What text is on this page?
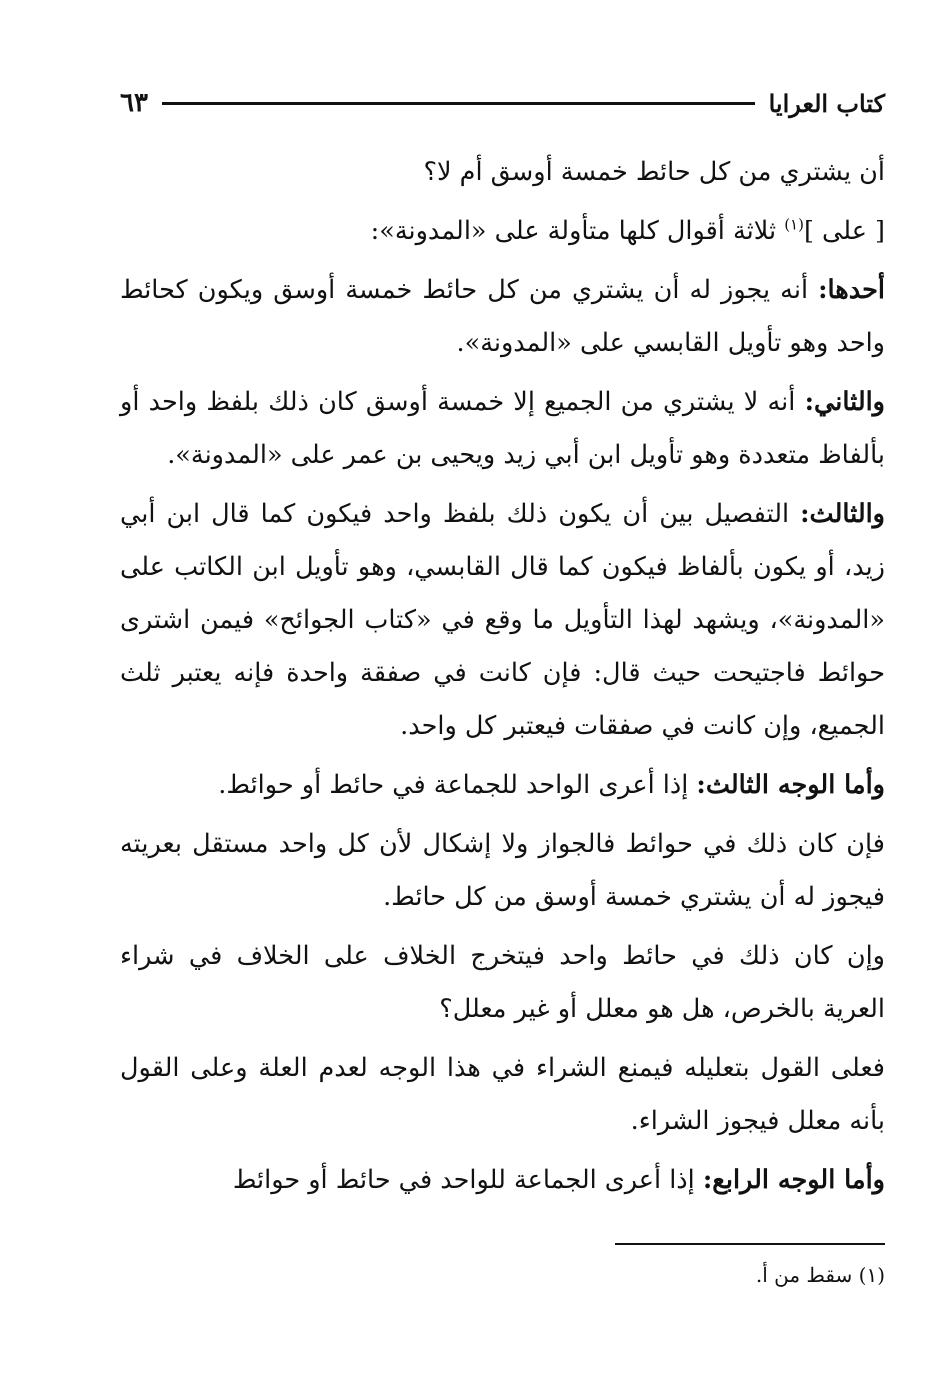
كتاب العرايا
٦٣

أن يشتري من كل حائط خمسة أوسق أم لا؟

[ على ]$^{(١)}$ ثلاثة أقوال كلها متأولة على «المدونة»:

أحدها: أنه يجوز له أن يشتري من كل حائط خمسة أوسق ويكون كحائط واحد وهو تأويل القابسي على «المدونة».

والثاني: أنه لا يشتري من الجميع إلا خمسة أوسق كان ذلك بلفظ واحد أو بألفاظ متعددة وهو تأويل ابن أبي زيد ويحيى بن عمر على «المدونة».

والثالث: التفصيل بين أن يكون ذلك بلفظ واحد فيكون كما قال ابن أبي زيد، أو يكون بألفاظ فيكون كما قال القابسي، وهو تأويل ابن الكاتب على «المدونة»، ويشهد لهذا التأويل ما وقع في «كتاب الجوائح» فيمن اشترى حوائط فاجتيحت حيث قال: فإن كانت في صفقة واحدة فإنه يعتبر ثلث الجميع، وإن كانت في صفقات فيعتبر كل واحد.

وأما الوجه الثالث: إذا أعرى الواحد للجماعة في حائط أو حوائط.

فإن كان ذلك في حوائط فالجواز ولا إشكال لأن كل واحد مستقل بعريته فيجوز له أن يشتري خمسة أوسق من كل حائط.

وإن كان ذلك في حائط واحد فيتخرج الخلاف على الخلاف في شراء العرية بالخرص، هل هو معلل أو غير معلل؟

فعلى القول بتعليله فيمنع الشراء في هذا الوجه لعدم العلة وعلى القول بأنه معلل فيجوز الشراء.

وأما الوجه الرابع: إذا أعرى الجماعة للواحد في حائط أو حوائط

(١) سقط من أ.
